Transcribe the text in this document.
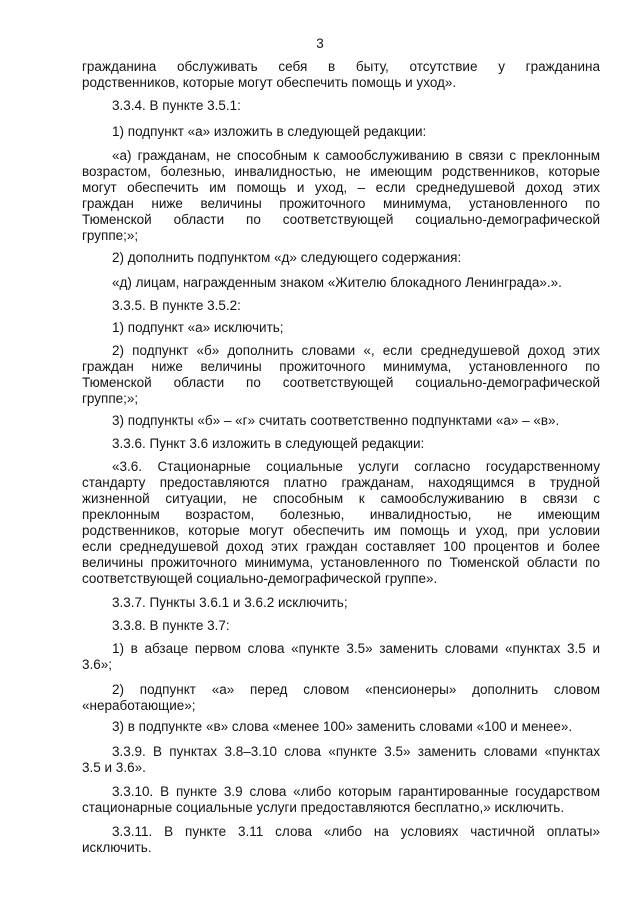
3
гражданина обслуживать себя в быту, отсутствие у гражданина
родственников, которые могут обеспечить помощь и уход».
3.3.4. В пункте 3.5.1:
1) подпункт «а» изложить в следующей редакции:
«а) гражданам, не способным к самообслуживанию в связи с преклонным
возрастом, болезнью, инвалидностью, не имеющим родственников, которые
могут обеспечить им помощь и уход, – если среднедушевой доход этих
граждан ниже величины прожиточного минимума, установленного по
Тюменской области по соответствующей социально-демографической
группе;»;
2) дополнить подпунктом «д» следующего содержания:
«д) лицам, награжденным знаком «Жителю блокадного Ленинграда».».
3.3.5. В пункте 3.5.2:
1) подпункт «а» исключить;
2) подпункт «б» дополнить словами «, если среднедушевой доход этих
граждан ниже величины прожиточного минимума, установленного по
Тюменской области по соответствующей социально-демографической
группе;»;
3) подпункты «б» – «г» считать соответственно подпунктами «а» – «в».
3.3.6. Пункт 3.6 изложить в следующей редакции:
«3.6. Стационарные социальные услуги согласно государственному
стандарту предоставляются платно гражданам, находящимся в трудной
жизненной ситуации, не способным к самообслуживанию в связи с
преклонным возрастом, болезнью, инвалидностью, не имеющим
родственников, которые могут обеспечить им помощь и уход, при условии
если среднедушевой доход этих граждан составляет 100 процентов и более
величины прожиточного минимума, установленного по Тюменской области по
соответствующей социально-демографической группе».
3.3.7. Пункты 3.6.1 и 3.6.2 исключить;
3.3.8. В пункте 3.7:
1) в абзаце первом слова «пункте 3.5» заменить словами «пунктах 3.5 и
3.6»;
2) подпункт «а» перед словом «пенсионеры» дополнить словом
«неработающие»;
3) в подпункте «в» слова «менее 100» заменить словами «100 и менее».
3.3.9. В пунктах 3.8–3.10 слова «пункте 3.5» заменить словами «пунктах
3.5 и 3.6».
3.3.10. В пункте 3.9 слова «либо которым гарантированные государством
стационарные социальные услуги предоставляются бесплатно,» исключить.
3.3.11. В пункте 3.11 слова «либо на условиях частичной оплаты»
исключить.
